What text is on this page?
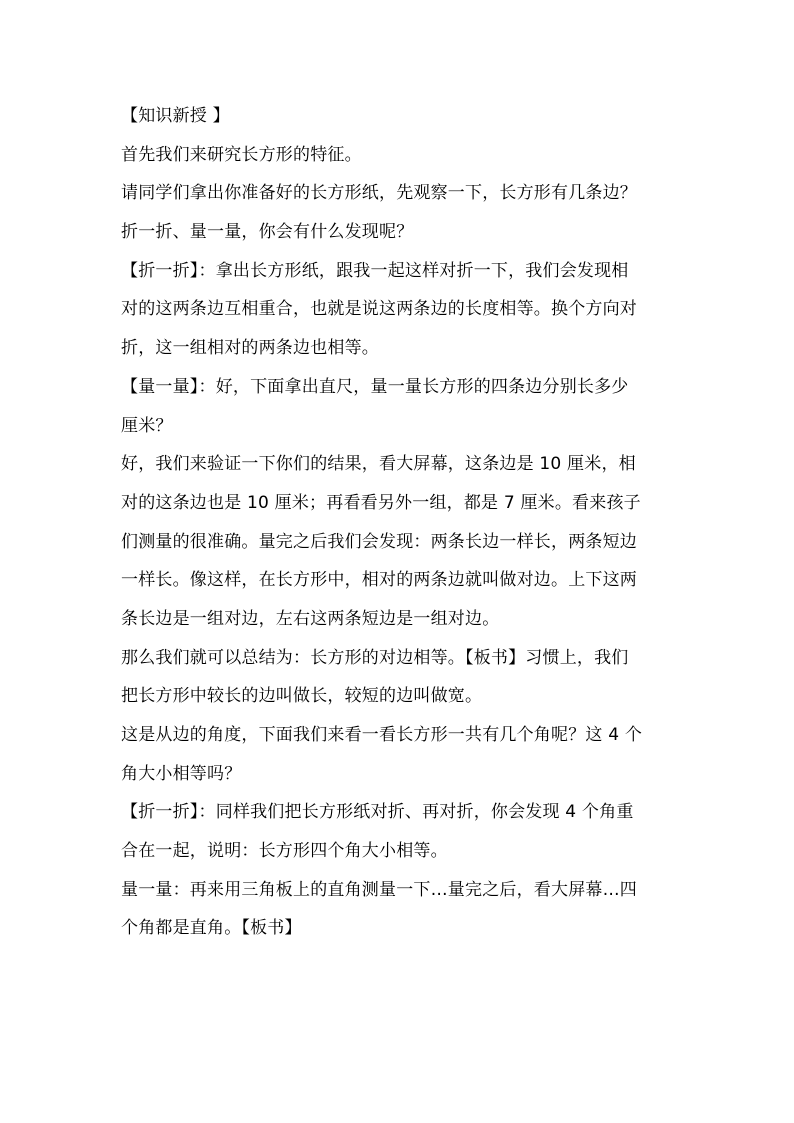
【知识新授 】

首先我们来研究长方形的特征。

请同学们拿出你准备好的长方形纸，先观察一下，长方形有几条边？

折一折、量一量，你会有什么发现呢？

【折一折】：拿出长方形纸，跟我一起这样对折一下，我们会发现相
对的这两条边互相重合，也就是说这两条边的长度相等。换个方向对
折，这一组相对的两条边也相等。

【量一量】：好，下面拿出直尺，量一量长方形的四条边分别长多少
厘米？

好，我们来验证一下你们的结果，看大屏幕，这条边是 10 厘米，相
对的这条边也是 10 厘米；再看看另外一组，都是 7 厘米。看来孩子
们测量的很准确。量完之后我们会发现：两条长边一样长，两条短边
一样长。像这样，在长方形中，相对的两条边就叫做对边。上下这两
条长边是一组对边，左右这两条短边是一组对边。

那么我们就可以总结为：长方形的对边相等。【板书】习惯上，我们
把长方形中较长的边叫做长，较短的边叫做宽。

这是从边的角度，下面我们来看一看长方形一共有几个角呢？这 4 个
角大小相等吗？

【折一折】：同样我们把长方形纸对折、再对折，你会发现 4 个角重
合在一起，说明：长方形四个角大小相等。

量一量：再来用三角板上的直角测量一下…量完之后，看大屏幕…四
个角都是直角。【板书】
